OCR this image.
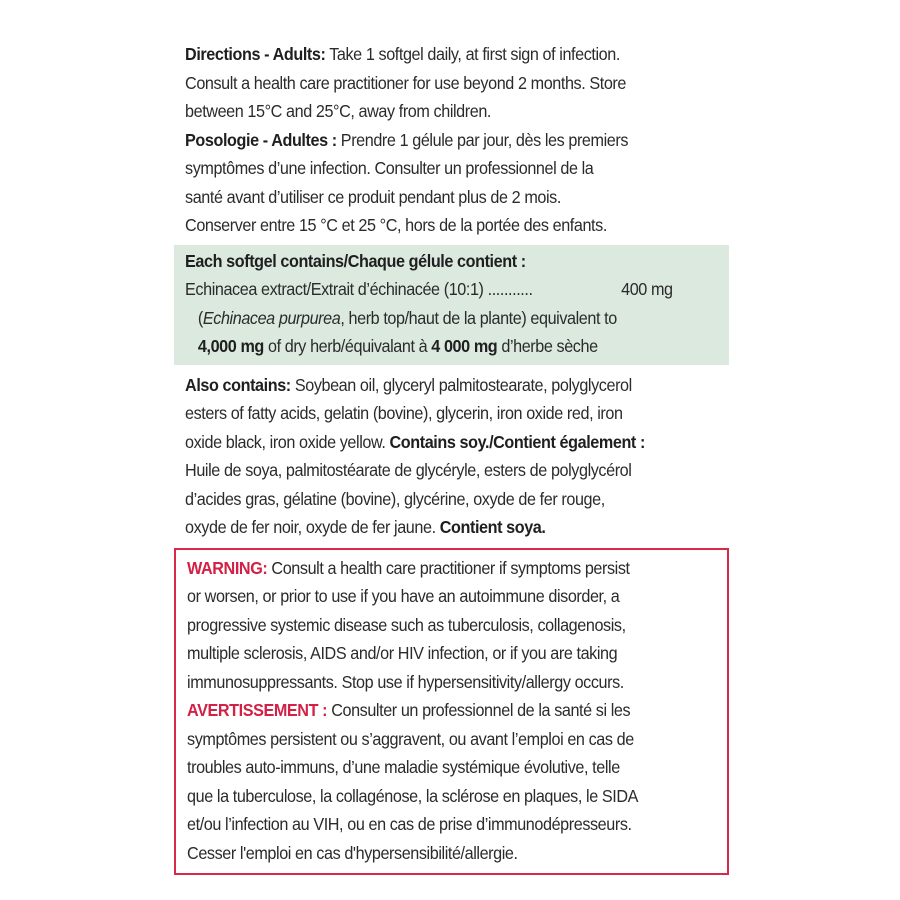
Directions - Adults: Take 1 softgel daily, at first sign of infection.
Consult a health care practitioner for use beyond 2 months. Store
between 15°C and 25°C, away from children.
Posologie - Adultes : Prendre 1 gélule par jour, dès les premiers
symptômes d’une infection. Consulter un professionnel de la
santé avant d’utiliser ce produit pendant plus de 2 mois.
Conserver entre 15 °C et 25 °C, hors de la portée des enfants.
Each softgel contains/Chaque gélule contient :
Echinacea extract/Extrait d’échinacée (10:1) ...........	400 mg
(Echinacea purpurea, herb top/haut de la plante) equivalent to
4,000 mg of dry herb/équivalant à 4 000 mg d’herbe sèche
Also contains: Soybean oil, glyceryl palmitostearate, polyglycerol
esters of fatty acids, gelatin (bovine), glycerin, iron oxide red, iron
oxide black, iron oxide yellow. Contains soy./Contient également :
Huile de soya, palmitostéarate de glycéryle, esters de polyglycérol
d’acides gras, gélatine (bovine), glycérine, oxyde de fer rouge,
oxyde de fer noir, oxyde de fer jaune. Contient soya.
WARNING: Consult a health care practitioner if symptoms persist
or worsen, or prior to use if you have an autoimmune disorder, a
progressive systemic disease such as tuberculosis, collagenosis,
multiple sclerosis, AIDS and/or HIV infection, or if you are taking
immunosuppressants. Stop use if hypersensitivity/allergy occurs.
AVERTISSEMENT : Consulter un professionnel de la santé si les
symptômes persistent ou s’aggravent, ou avant l’emploi en cas de
troubles auto-immuns, d’une maladie systémique évolutive, telle
que la tuberculose, la collagénose, la sclérose en plaques, le SIDA
et/ou l’infection au VIH, ou en cas de prise d’immunodépresseurs.
Cesser l'emploi en cas d'hypersensibilité/allergie.
